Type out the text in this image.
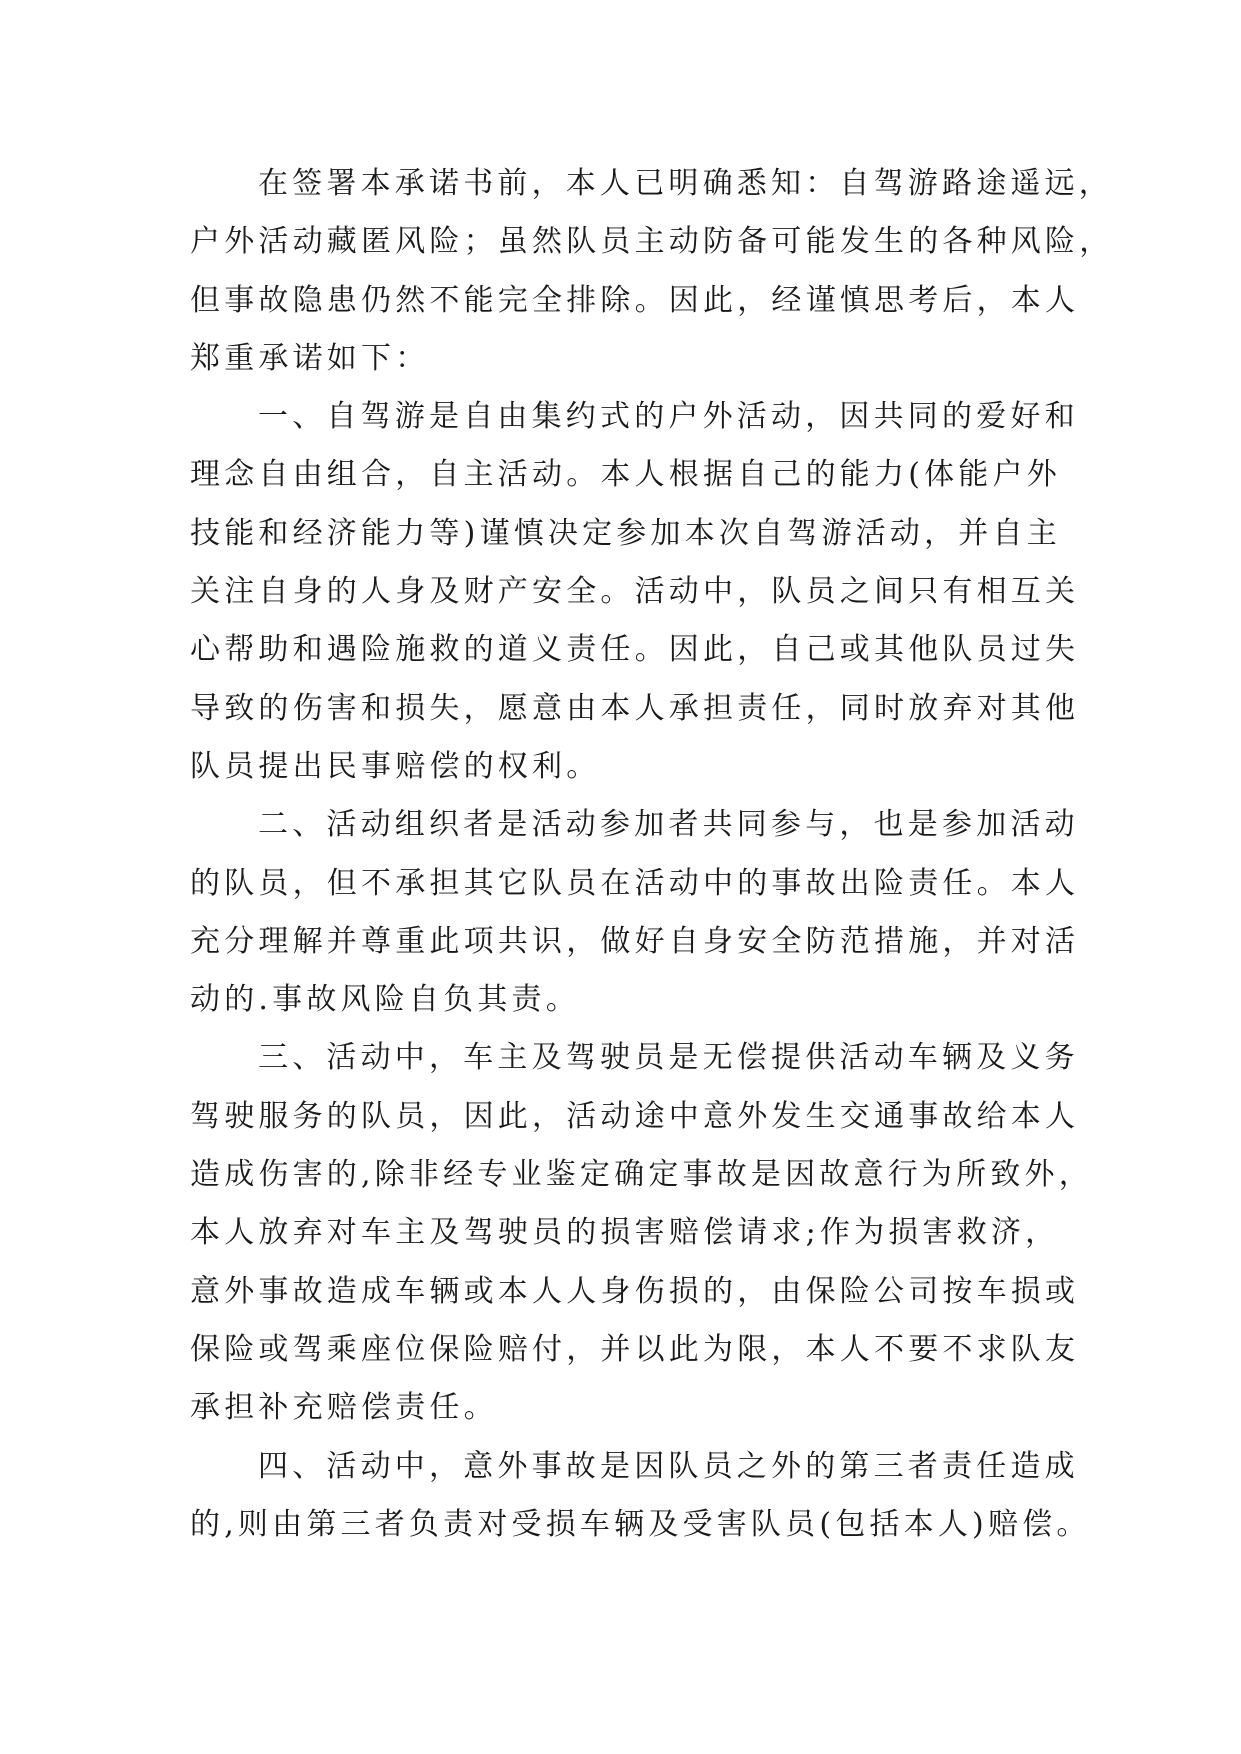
在签署本承诺书前，本人已明确悉知：自驾游路途遥远，
户外活动藏匿风险；虽然队员主动防备可能发生的各种风险，
但事故隐患仍然不能完全排除。因此，经谨慎思考后，本人
郑重承诺如下：
一、自驾游是自由集约式的户外活动，因共同的爱好和
理念自由组合，自主活动。本人根据自己的能力(体能户外
技能和经济能力等)谨慎决定参加本次自驾游活动，并自主
关注自身的人身及财产安全。活动中，队员之间只有相互关
心帮助和遇险施救的道义责任。因此，自己或其他队员过失
导致的伤害和损失，愿意由本人承担责任，同时放弃对其他
队员提出民事赔偿的权利。
二、活动组织者是活动参加者共同参与，也是参加活动
的队员，但不承担其它队员在活动中的事故出险责任。本人
充分理解并尊重此项共识，做好自身安全防范措施，并对活
动的.事故风险自负其责。
三、活动中，车主及驾驶员是无偿提供活动车辆及义务
驾驶服务的队员，因此，活动途中意外发生交通事故给本人
造成伤害的,除非经专业鉴定确定事故是因故意行为所致外，
本人放弃对车主及驾驶员的损害赔偿请求;作为损害救济，
意外事故造成车辆或本人人身伤损的，由保险公司按车损或
保险或驾乘座位保险赔付，并以此为限，本人不要不求队友
承担补充赔偿责任。
四、活动中，意外事故是因队员之外的第三者责任造成
的,则由第三者负责对受损车辆及受害队员(包括本人)赔偿。
